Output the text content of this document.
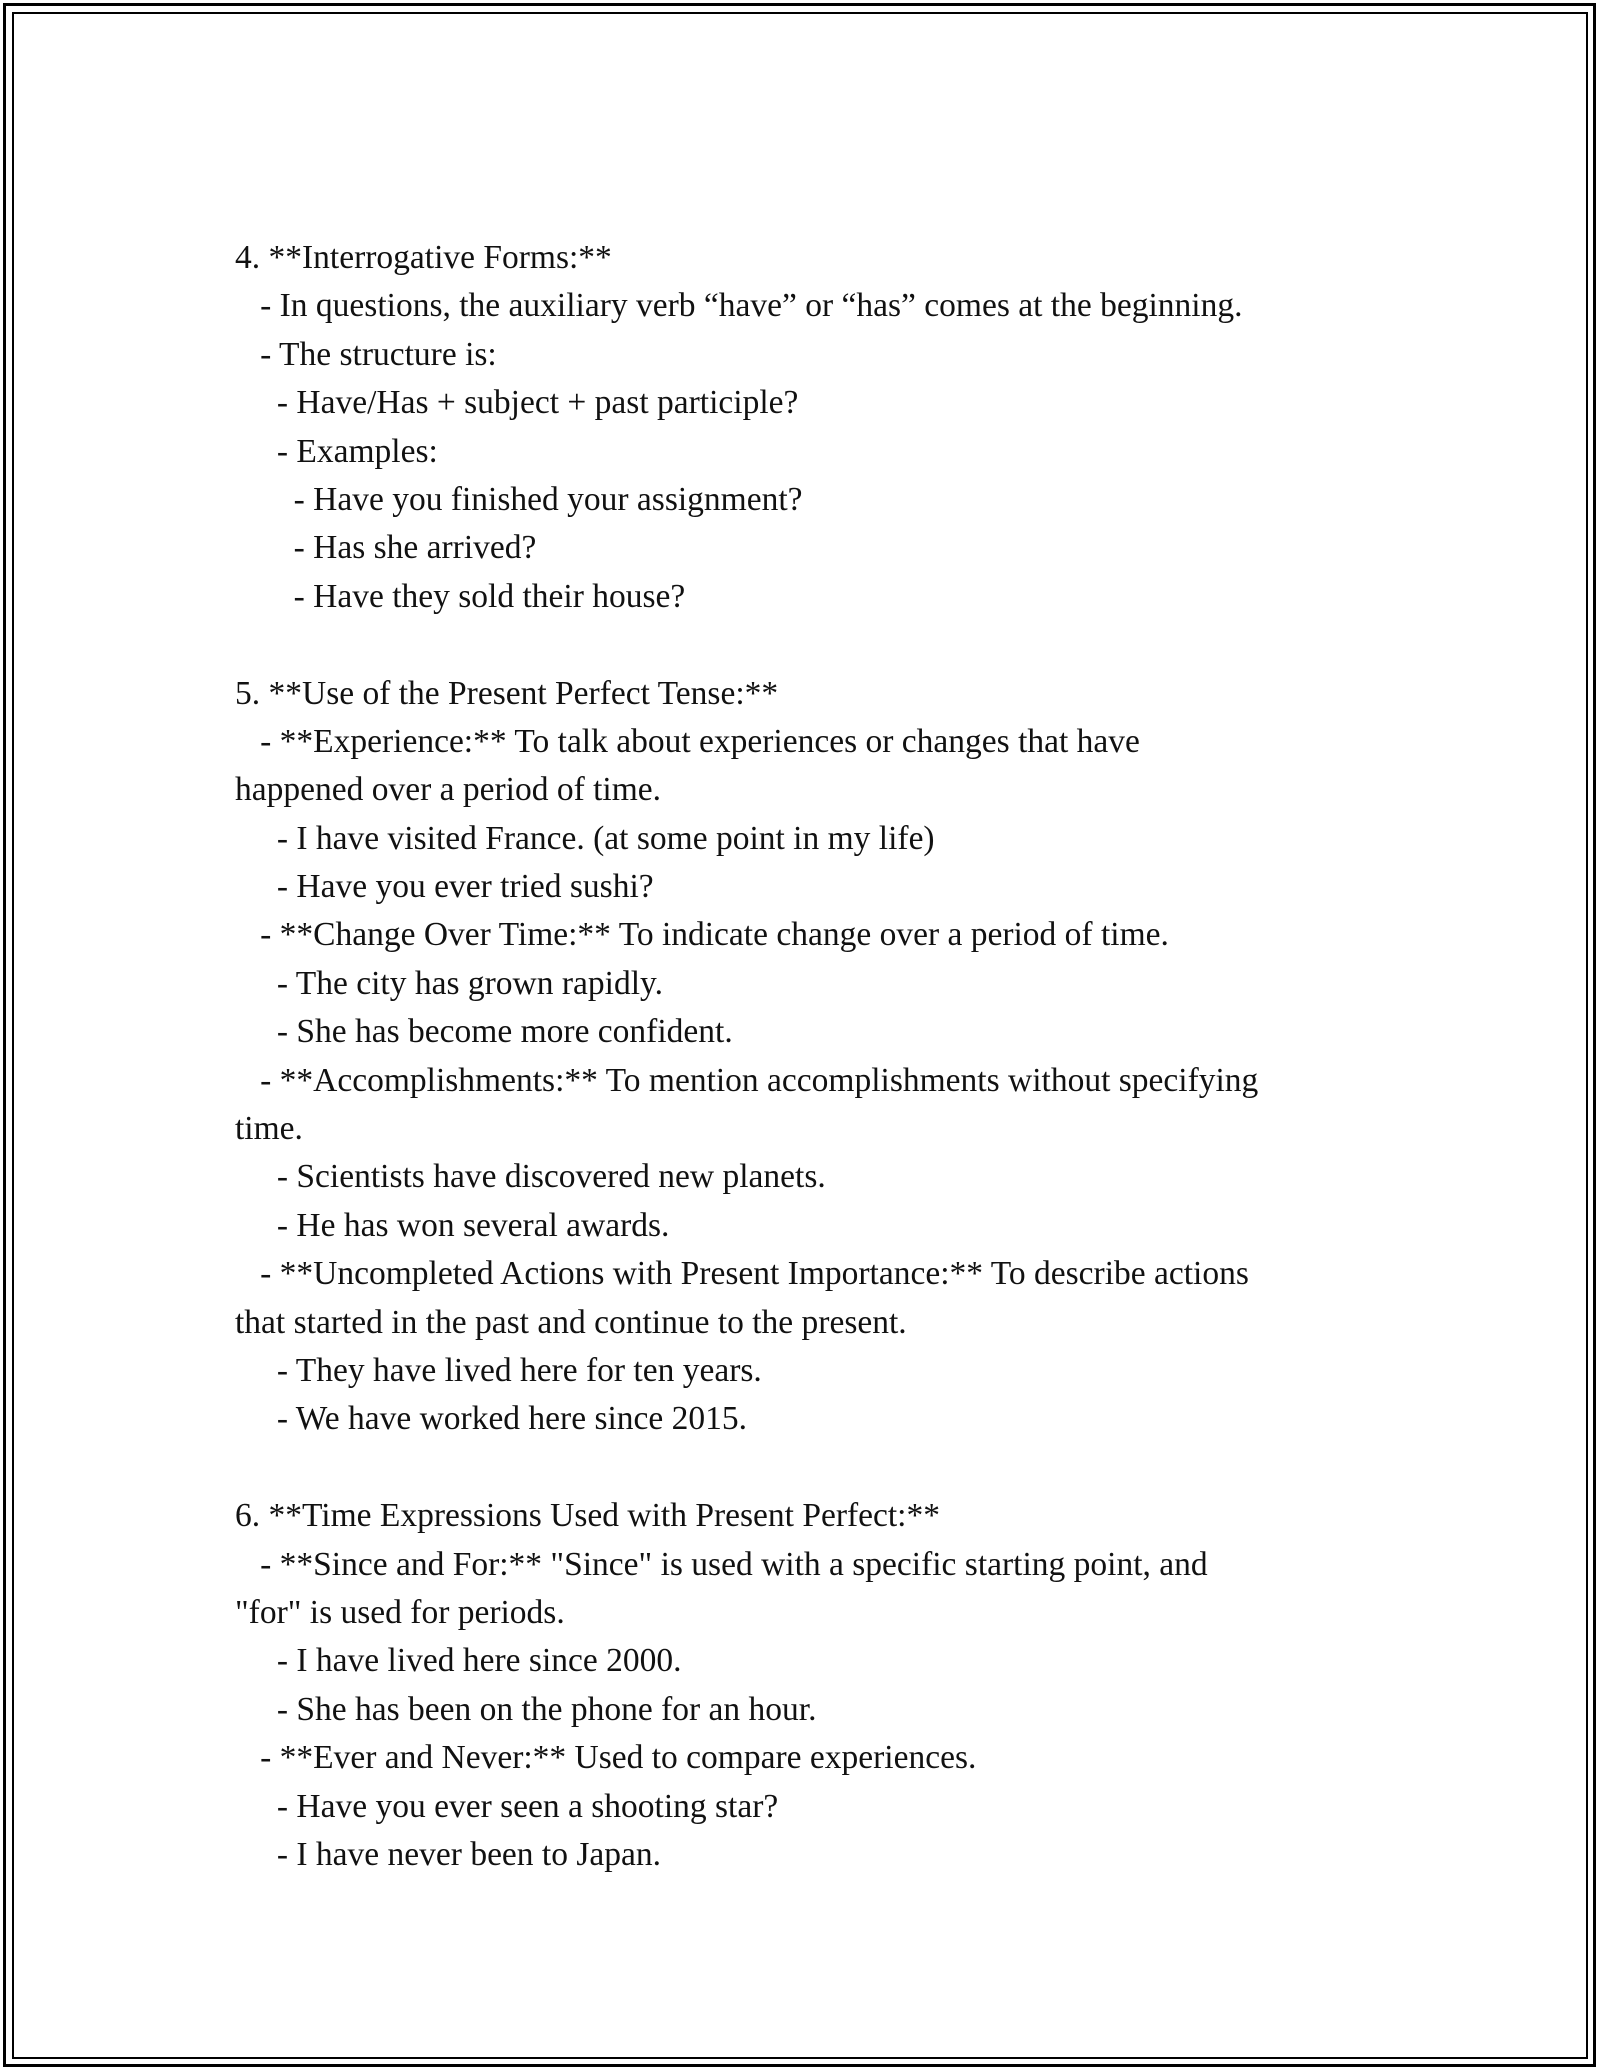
4. **Interrogative Forms:**
- In questions, the auxiliary verb “have” or “has” comes at the beginning.
- The structure is:
- Have/Has + subject + past participle?
- Examples:
- Have you finished your assignment?
- Has she arrived?
- Have they sold their house?
5. **Use of the Present Perfect Tense:**
- **Experience:** To talk about experiences or changes that have
happened over a period of time.
- I have visited France. (at some point in my life)
- Have you ever tried sushi?
- **Change Over Time:** To indicate change over a period of time.
- The city has grown rapidly.
- She has become more confident.
- **Accomplishments:** To mention accomplishments without specifying
time.
- Scientists have discovered new planets.
- He has won several awards.
- **Uncompleted Actions with Present Importance:** To describe actions
that started in the past and continue to the present.
- They have lived here for ten years.
- We have worked here since 2015.
6. **Time Expressions Used with Present Perfect:**
- **Since and For:** "Since" is used with a specific starting point, and
"for" is used for periods.
- I have lived here since 2000.
- She has been on the phone for an hour.
- **Ever and Never:** Used to compare experiences.
- Have you ever seen a shooting star?
- I have never been to Japan.
